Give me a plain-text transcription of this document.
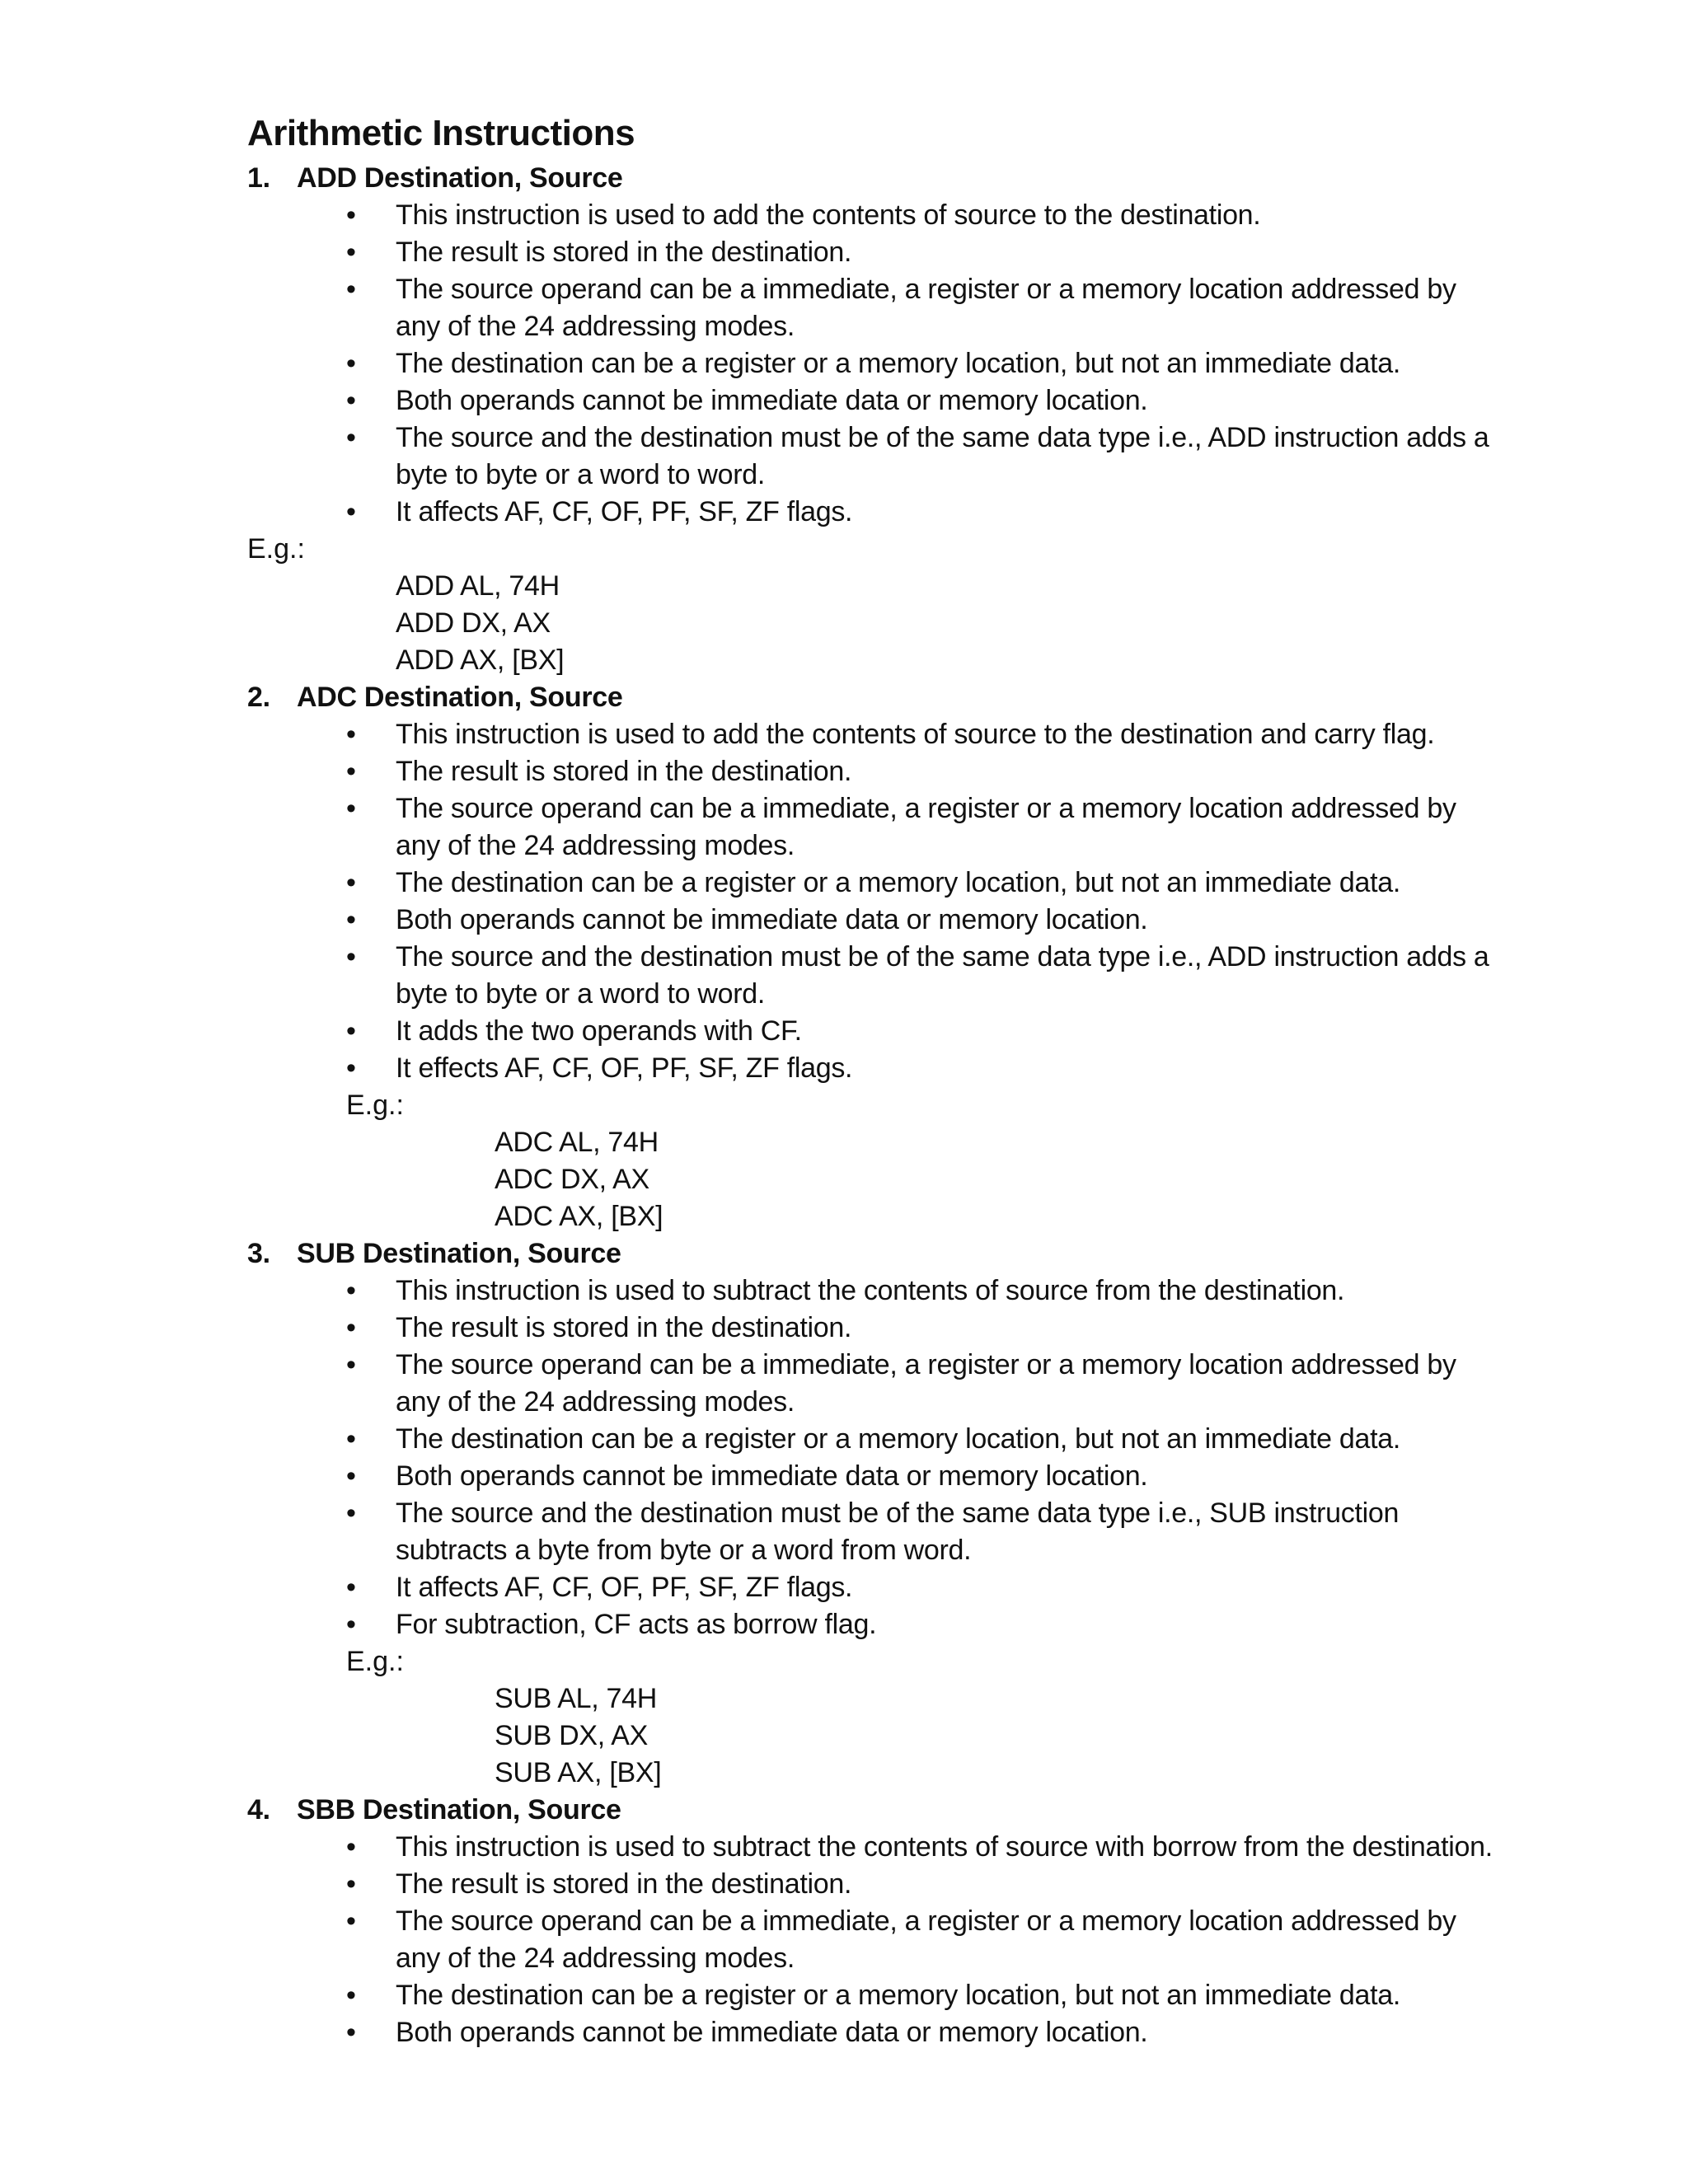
Arithmetic Instructions
1. ADD Destination, Source
• This instruction is used to add the contents of source to the destination.
• The result is stored in the destination.
• The source operand can be a immediate, a register or a memory location addressed by any of the 24 addressing modes.
• The destination can be a register or a memory location, but not an immediate data.
• Both operands cannot be immediate data or memory location.
• The source and the destination must be of the same data type i.e., ADD instruction adds a byte to byte or a word to word.
• It affects AF, CF, OF, PF, SF, ZF flags.
E.g.:
ADD AL, 74H
ADD DX, AX
ADD AX, [BX]
2. ADC Destination, Source
• This instruction is used to add the contents of source to the destination and carry flag.
• The result is stored in the destination.
• The source operand can be a immediate, a register or a memory location addressed by any of the 24 addressing modes.
• The destination can be a register or a memory location, but not an immediate data.
• Both operands cannot be immediate data or memory location.
• The source and the destination must be of the same data type i.e., ADD instruction adds a byte to byte or a word to word.
• It adds the two operands with CF.
• It effects AF, CF, OF, PF, SF, ZF flags.
E.g.:
ADC AL, 74H
ADC DX, AX
ADC AX, [BX]
3. SUB Destination, Source
• This instruction is used to subtract the contents of source from the destination.
• The result is stored in the destination.
• The source operand can be a immediate, a register or a memory location addressed by any of the 24 addressing modes.
• The destination can be a register or a memory location, but not an immediate data.
• Both operands cannot be immediate data or memory location.
• The source and the destination must be of the same data type i.e., SUB instruction subtracts a byte from byte or a word from word.
• It affects AF, CF, OF, PF, SF, ZF flags.
• For subtraction, CF acts as borrow flag.
E.g.:
SUB AL, 74H
SUB DX, AX
SUB AX, [BX]
4. SBB Destination, Source
• This instruction is used to subtract the contents of source with borrow from the destination.
• The result is stored in the destination.
• The source operand can be a immediate, a register or a memory location addressed by any of the 24 addressing modes.
• The destination can be a register or a memory location, but not an immediate data.
• Both operands cannot be immediate data or memory location.
